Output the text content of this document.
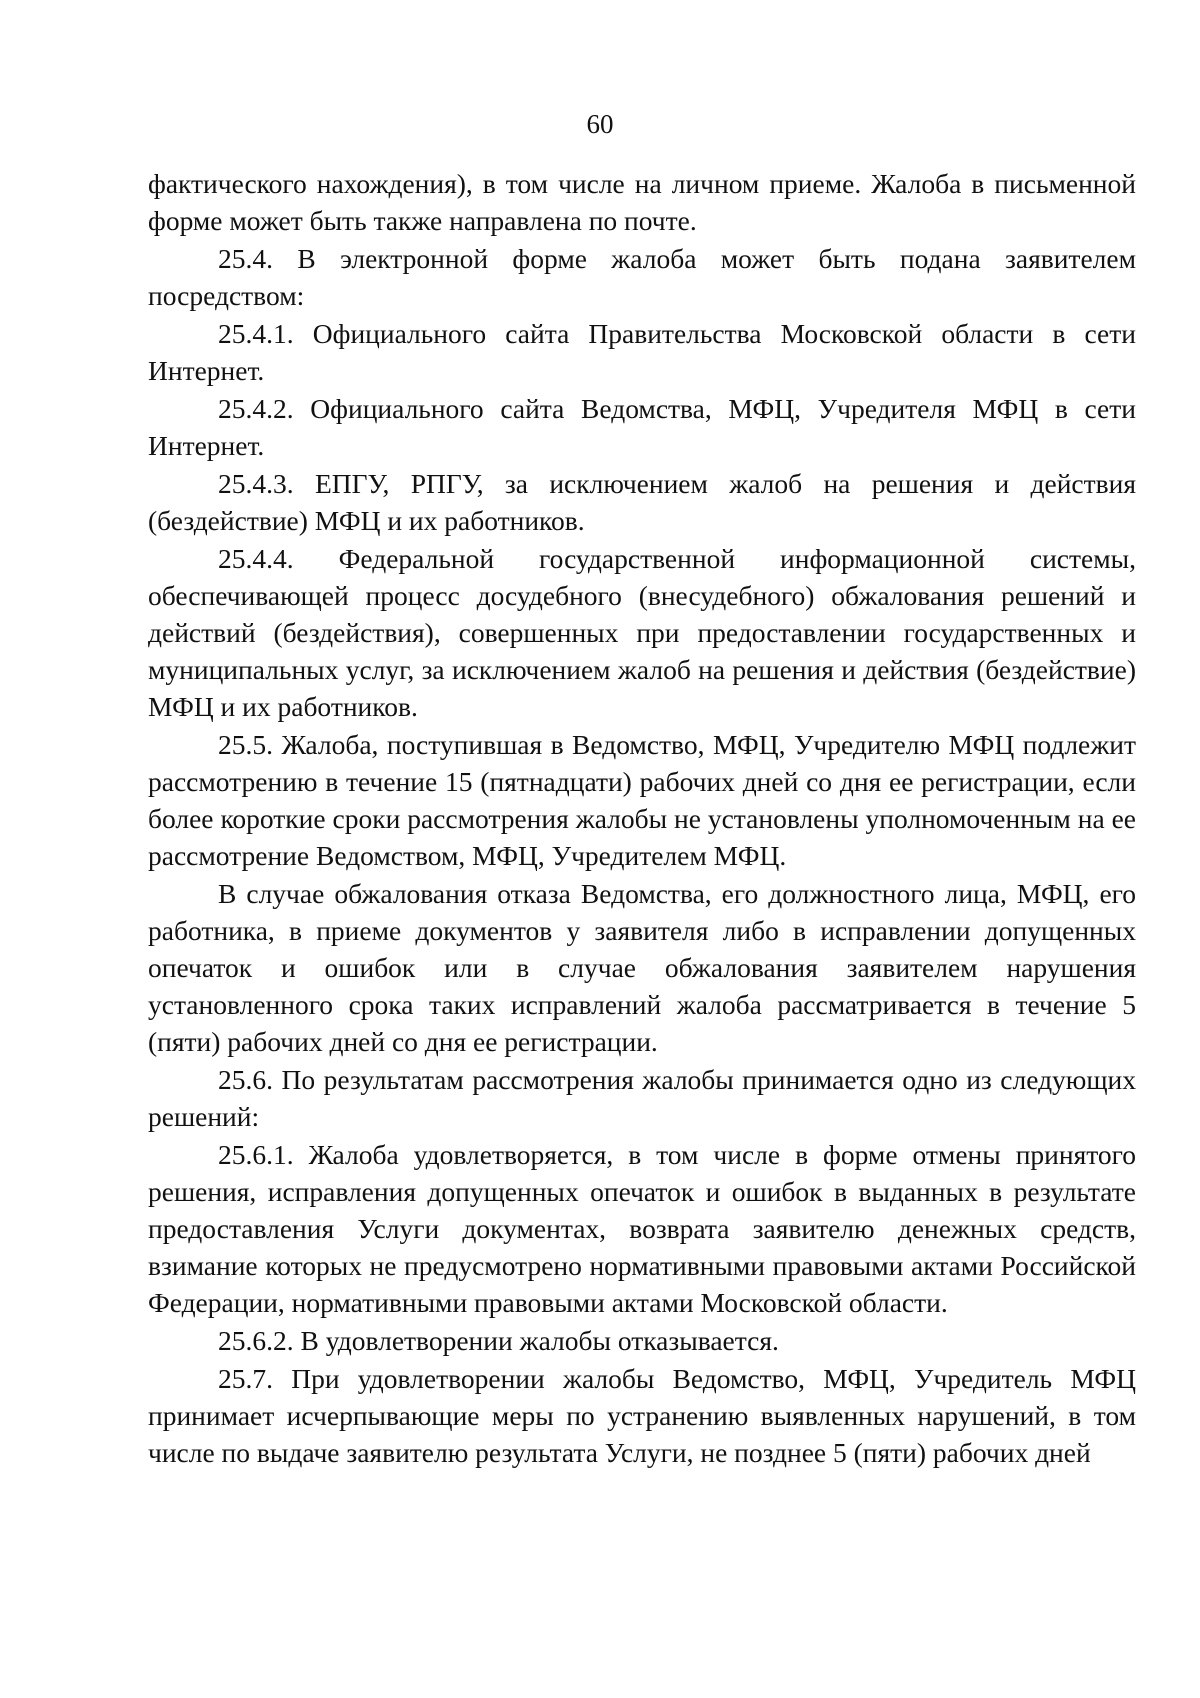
60

фактического нахождения), в том числе на личном приеме. Жалоба в письменной форме может быть также направлена по почте.

25.4. В электронной форме жалоба может быть подана заявителем посредством:

25.4.1. Официального сайта Правительства Московской области в сети Интернет.

25.4.2. Официального сайта Ведомства, МФЦ, Учредителя МФЦ в сети Интернет.

25.4.3. ЕПГУ, РПГУ, за исключением жалоб на решения и действия (бездействие) МФЦ и их работников.

25.4.4. Федеральной государственной информационной системы, обеспечивающей процесс досудебного (внесудебного) обжалования решений и действий (бездействия), совершенных при предоставлении государственных и муниципальных услуг, за исключением жалоб на решения и действия (бездействие) МФЦ и их работников.

25.5. Жалоба, поступившая в Ведомство, МФЦ, Учредителю МФЦ подлежит рассмотрению в течение 15 (пятнадцати) рабочих дней со дня ее регистрации, если более короткие сроки рассмотрения жалобы не установлены уполномоченным на ее рассмотрение Ведомством, МФЦ, Учредителем МФЦ.

В случае обжалования отказа Ведомства, его должностного лица, МФЦ, его работника, в приеме документов у заявителя либо в исправлении допущенных опечаток и ошибок или в случае обжалования заявителем нарушения установленного срока таких исправлений жалоба рассматривается в течение 5 (пяти) рабочих дней со дня ее регистрации.

25.6. По результатам рассмотрения жалобы принимается одно из следующих решений:

25.6.1. Жалоба удовлетворяется, в том числе в форме отмены принятого решения, исправления допущенных опечаток и ошибок в выданных в результате предоставления Услуги документах, возврата заявителю денежных средств, взимание которых не предусмотрено нормативными правовыми актами Российской Федерации, нормативными правовыми актами Московской области.

25.6.2. В удовлетворении жалобы отказывается.

25.7. При удовлетворении жалобы Ведомство, МФЦ, Учредитель МФЦ принимает исчерпывающие меры по устранению выявленных нарушений, в том числе по выдаче заявителю результата Услуги, не позднее 5 (пяти) рабочих дней
